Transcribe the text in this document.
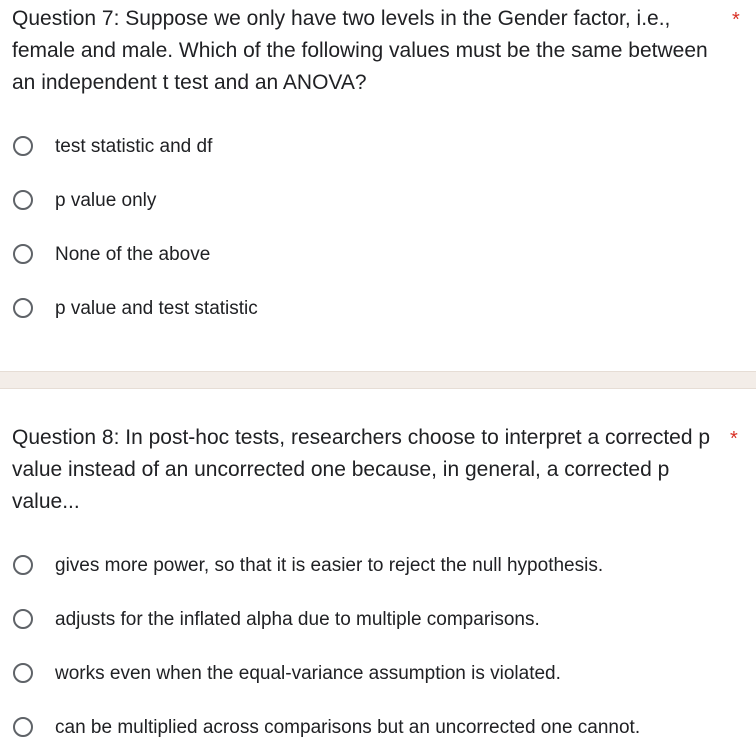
Question 7: Suppose we only have two levels in the Gender factor, i.e., female and male. Which of the following values must be the same between an independent t test and an ANOVA?
*
test statistic and df
p value only
None of the above
p value and test statistic
Question 8: In post-hoc tests, researchers choose to interpret a corrected p value instead of an uncorrected one because, in general, a corrected p value...
*
gives more power, so that it is easier to reject the null hypothesis.
adjusts for the inflated alpha due to multiple comparisons.
works even when the equal-variance assumption is violated.
can be multiplied across comparisons but an uncorrected one cannot.
